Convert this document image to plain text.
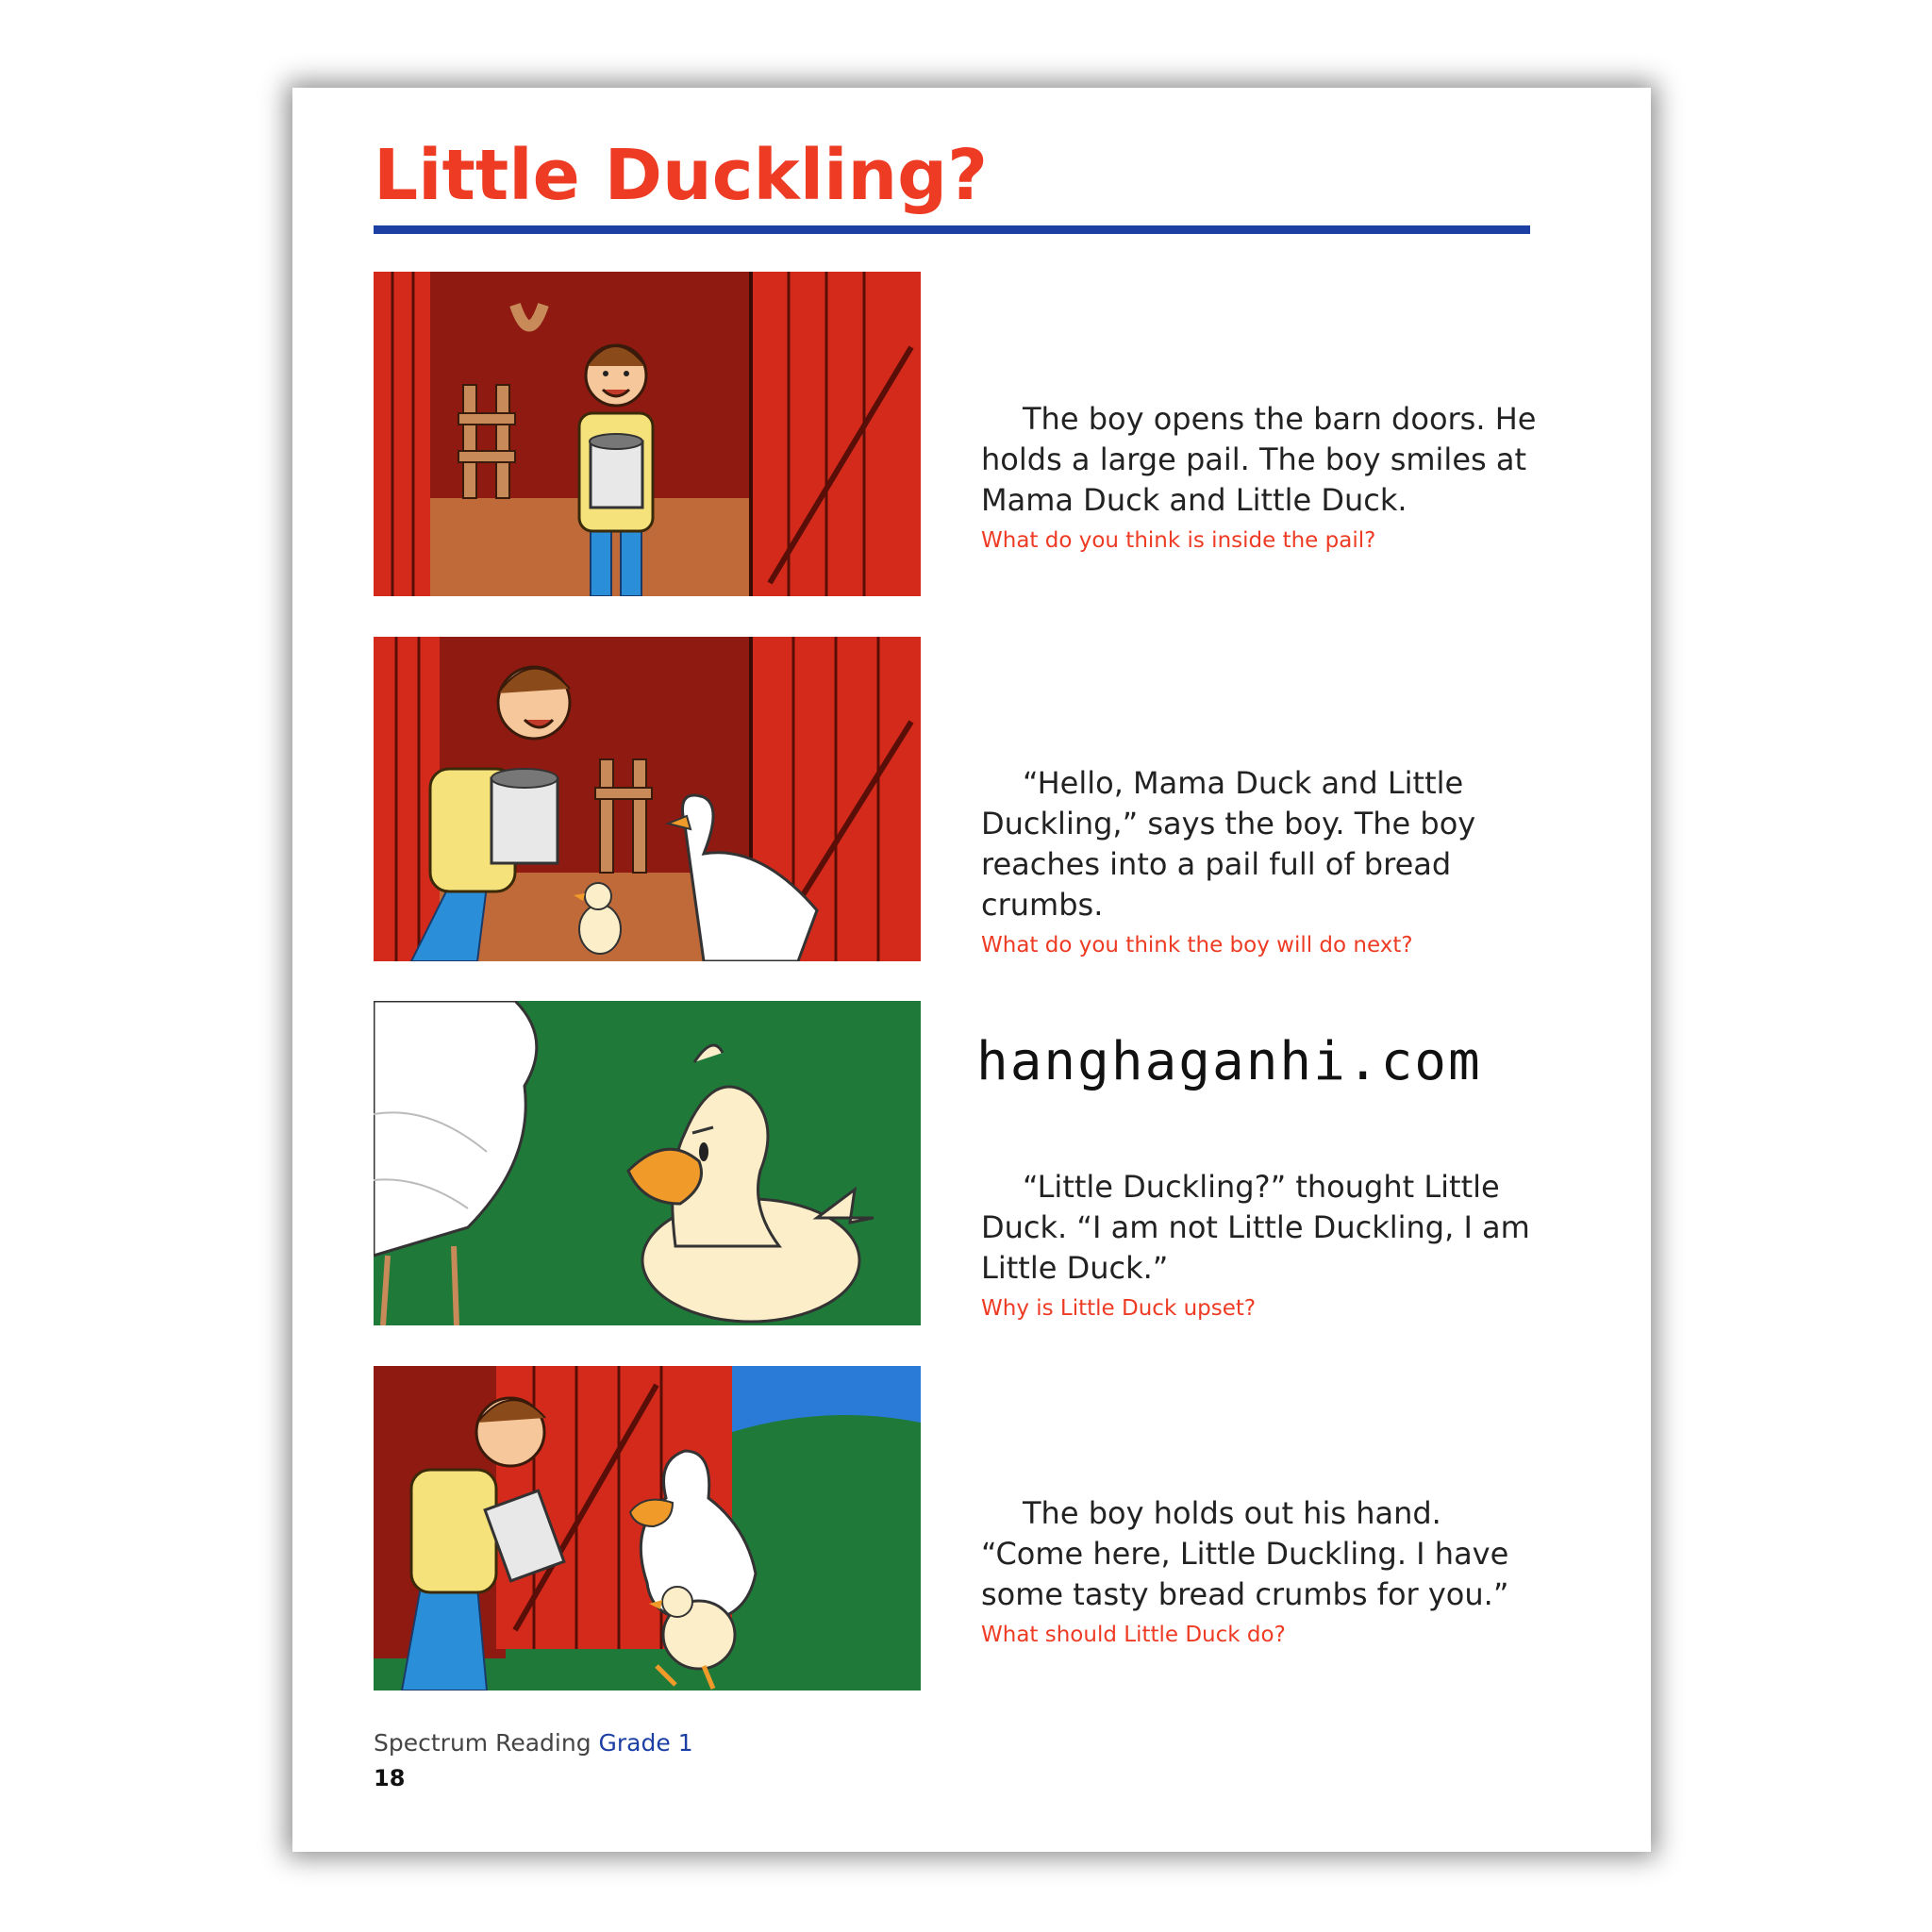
Little Duckling?

The boy opens the barn doors. He holds a large pail. The boy smiles at Mama Duck and Little Duck.

What do you think is inside the pail?

“Hello, Mama Duck and Little Duckling,” says the boy. The boy reaches into a pail full of bread crumbs.

What do you think the boy will do next?

“Little Duckling?” thought Little Duck. “I am not Little Duckling, I am Little Duck.”

Why is Little Duck upset?

hanghaganhi.com

The boy holds out his hand. “Come here, Little Duckling. I have some tasty bread crumbs for you.”

What should Little Duck do?

Spectrum Reading Grade 1
18
